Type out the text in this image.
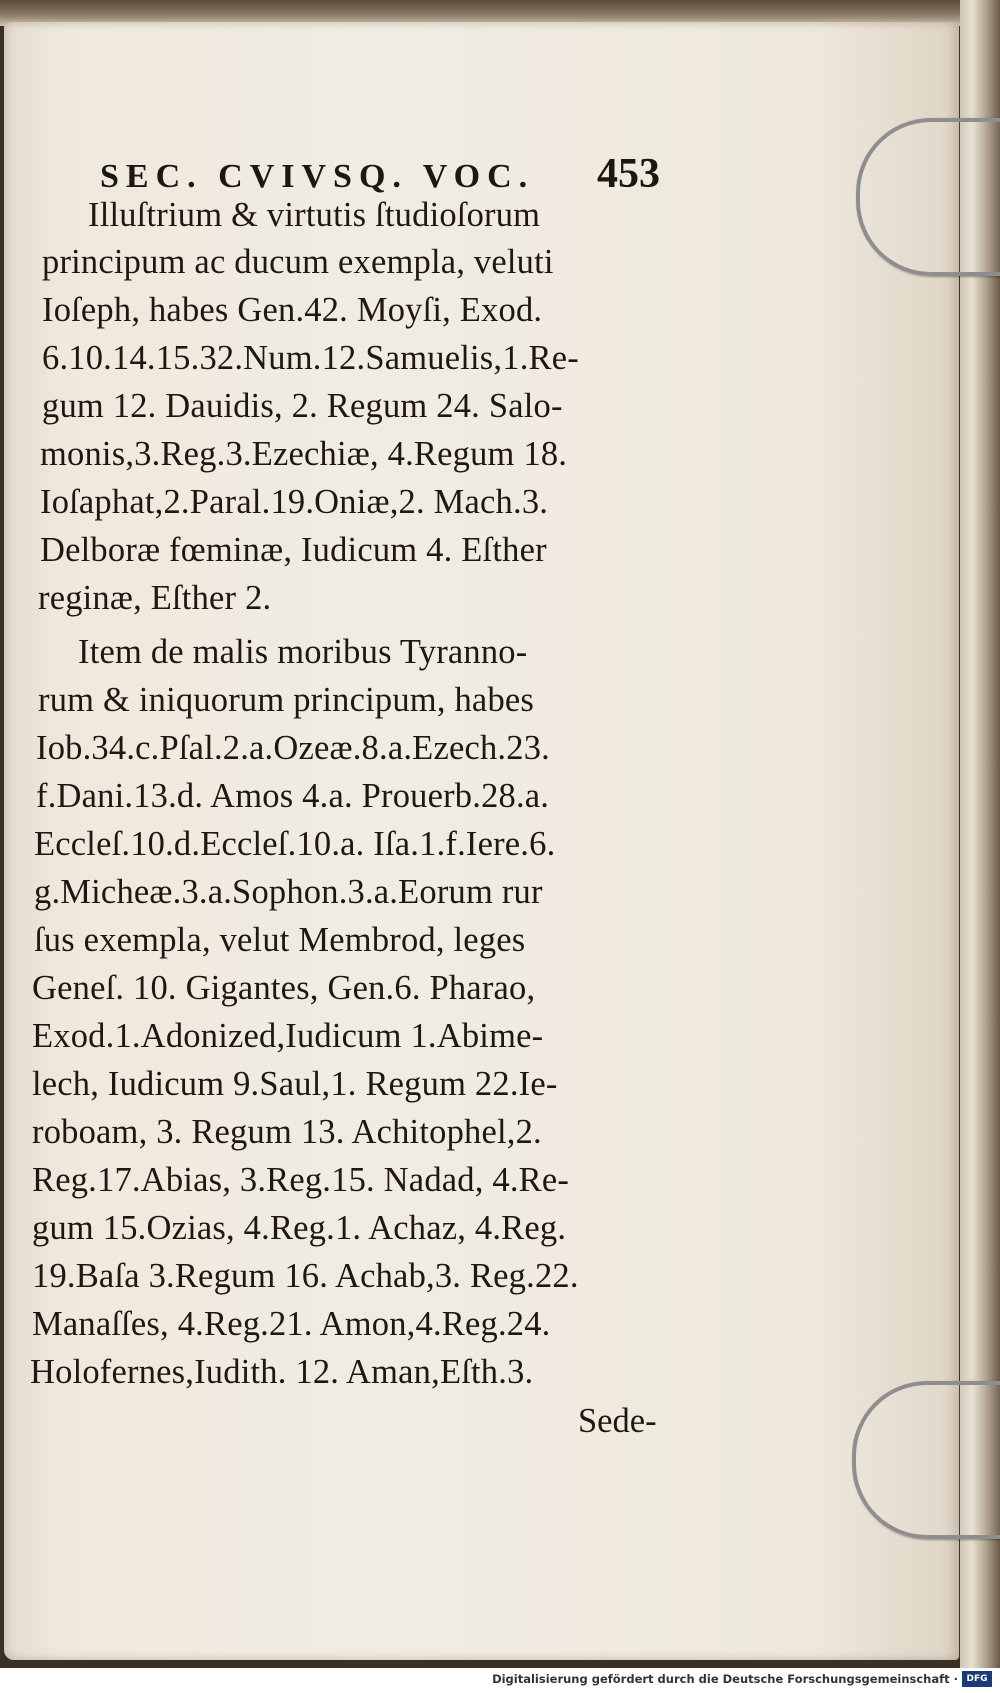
SEC. CVIVSQ. VOC. 453
Illuſtrium & virtutis ſtudioſorum
principum ac ducum exempla, veluti
Ioſeph, habes Gen.42. Moyſi, Exod.
6.10.14.15.32.Num.12.Samuelis,1.Re-
gum 12. Dauidis, 2. Regum 24. Salo-
monis,3.Reg.3.Ezechiæ, 4.Regum 18.
Ioſaphat,2.Paral.19.Oniæ,2. Mach.3.
Delboræ fœminæ, Iudicum 4. Eſther
reginæ, Eſther 2.
Item de malis moribus Tyranno-
rum & iniquorum principum, habes
Iob.34.c.Pſal.2.a.Ozeæ.8.a.Ezech.23.
f.Dani.13.d. Amos 4.a. Prouerb.28.a.
Eccleſ.10.d.Eccleſ.10.a. Iſa.1.f.Iere.6.
g.Micheæ.3.a.Sophon.3.a.Eorum rur
ſus exempla, velut Membrod, leges
Geneſ. 10. Gigantes, Gen.6. Pharao,
Exod.1.Adonized,Iudicum 1.Abime-
lech, Iudicum 9.Saul,1. Regum 22.Ie-
roboam, 3. Regum 13. Achitophel,2.
Reg.17.Abias, 3.Reg.15. Nadad, 4.Re-
gum 15.Ozias, 4.Reg.1. Achaz, 4.Reg.
19.Baſa 3.Regum 16. Achab,3. Reg.22.
Manaſſes, 4.Reg.21. Amon,4.Reg.24.
Holofernes,Iudith. 12. Aman,Eſth.3.
Sede-
Digitalisierung gefördert durch die Deutsche Forschungsgemeinschaft · DFG
